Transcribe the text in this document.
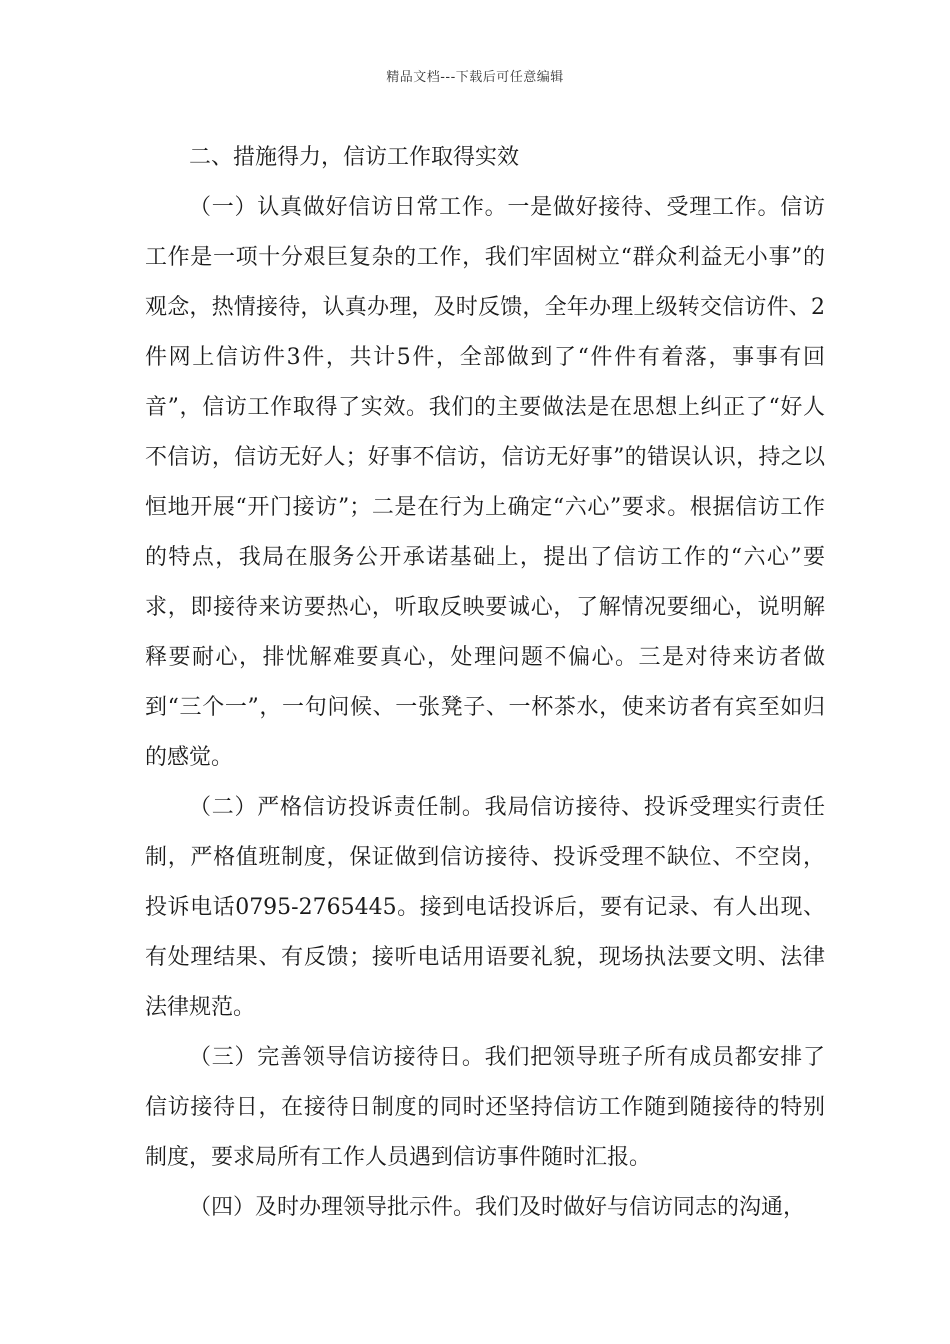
精品文档---下载后可任意编辑
二、措施得力，信访工作取得实效

（一）认真做好信访日常工作。一是做好接待、受理工作。信访工作是一项十分艰巨复杂的工作，我们牢固树立“群众利益无小事”的观念，热情接待，认真办理，及时反馈，全年办理上级转交信访件、2件网上信访件3件，共计5件，全部做到了“件件有着落，事事有回音”，信访工作取得了实效。我们的主要做法是在思想上纠正了“好人不信访，信访无好人；好事不信访，信访无好事”的错误认识，持之以恒地开展“开门接访”；二是在行为上确定“六心”要求。根据信访工作的特点，我局在服务公开承诺基础上，提出了信访工作的“六心”要求，即接待来访要热心，听取反映要诚心，了解情况要细心，说明解释要耐心，排忧解难要真心，处理问题不偏心。三是对待来访者做到“三个一”，一句问候、一张凳子、一杯茶水，使来访者有宾至如归的感觉。

（二）严格信访投诉责任制。我局信访接待、投诉受理实行责任制，严格值班制度，保证做到信访接待、投诉受理不缺位、不空岗，投诉电话0795-2765445。接到电话投诉后，要有记录、有人出现、有处理结果、有反馈；接听电话用语要礼貌，现场执法要文明、法律法律规范。

（三）完善领导信访接待日。我们把领导班子所有成员都安排了信访接待日，在接待日制度的同时还坚持信访工作随到随接待的特别制度，要求局所有工作人员遇到信访事件随时汇报。

（四）及时办理领导批示件。我们及时做好与信访同志的沟通，
